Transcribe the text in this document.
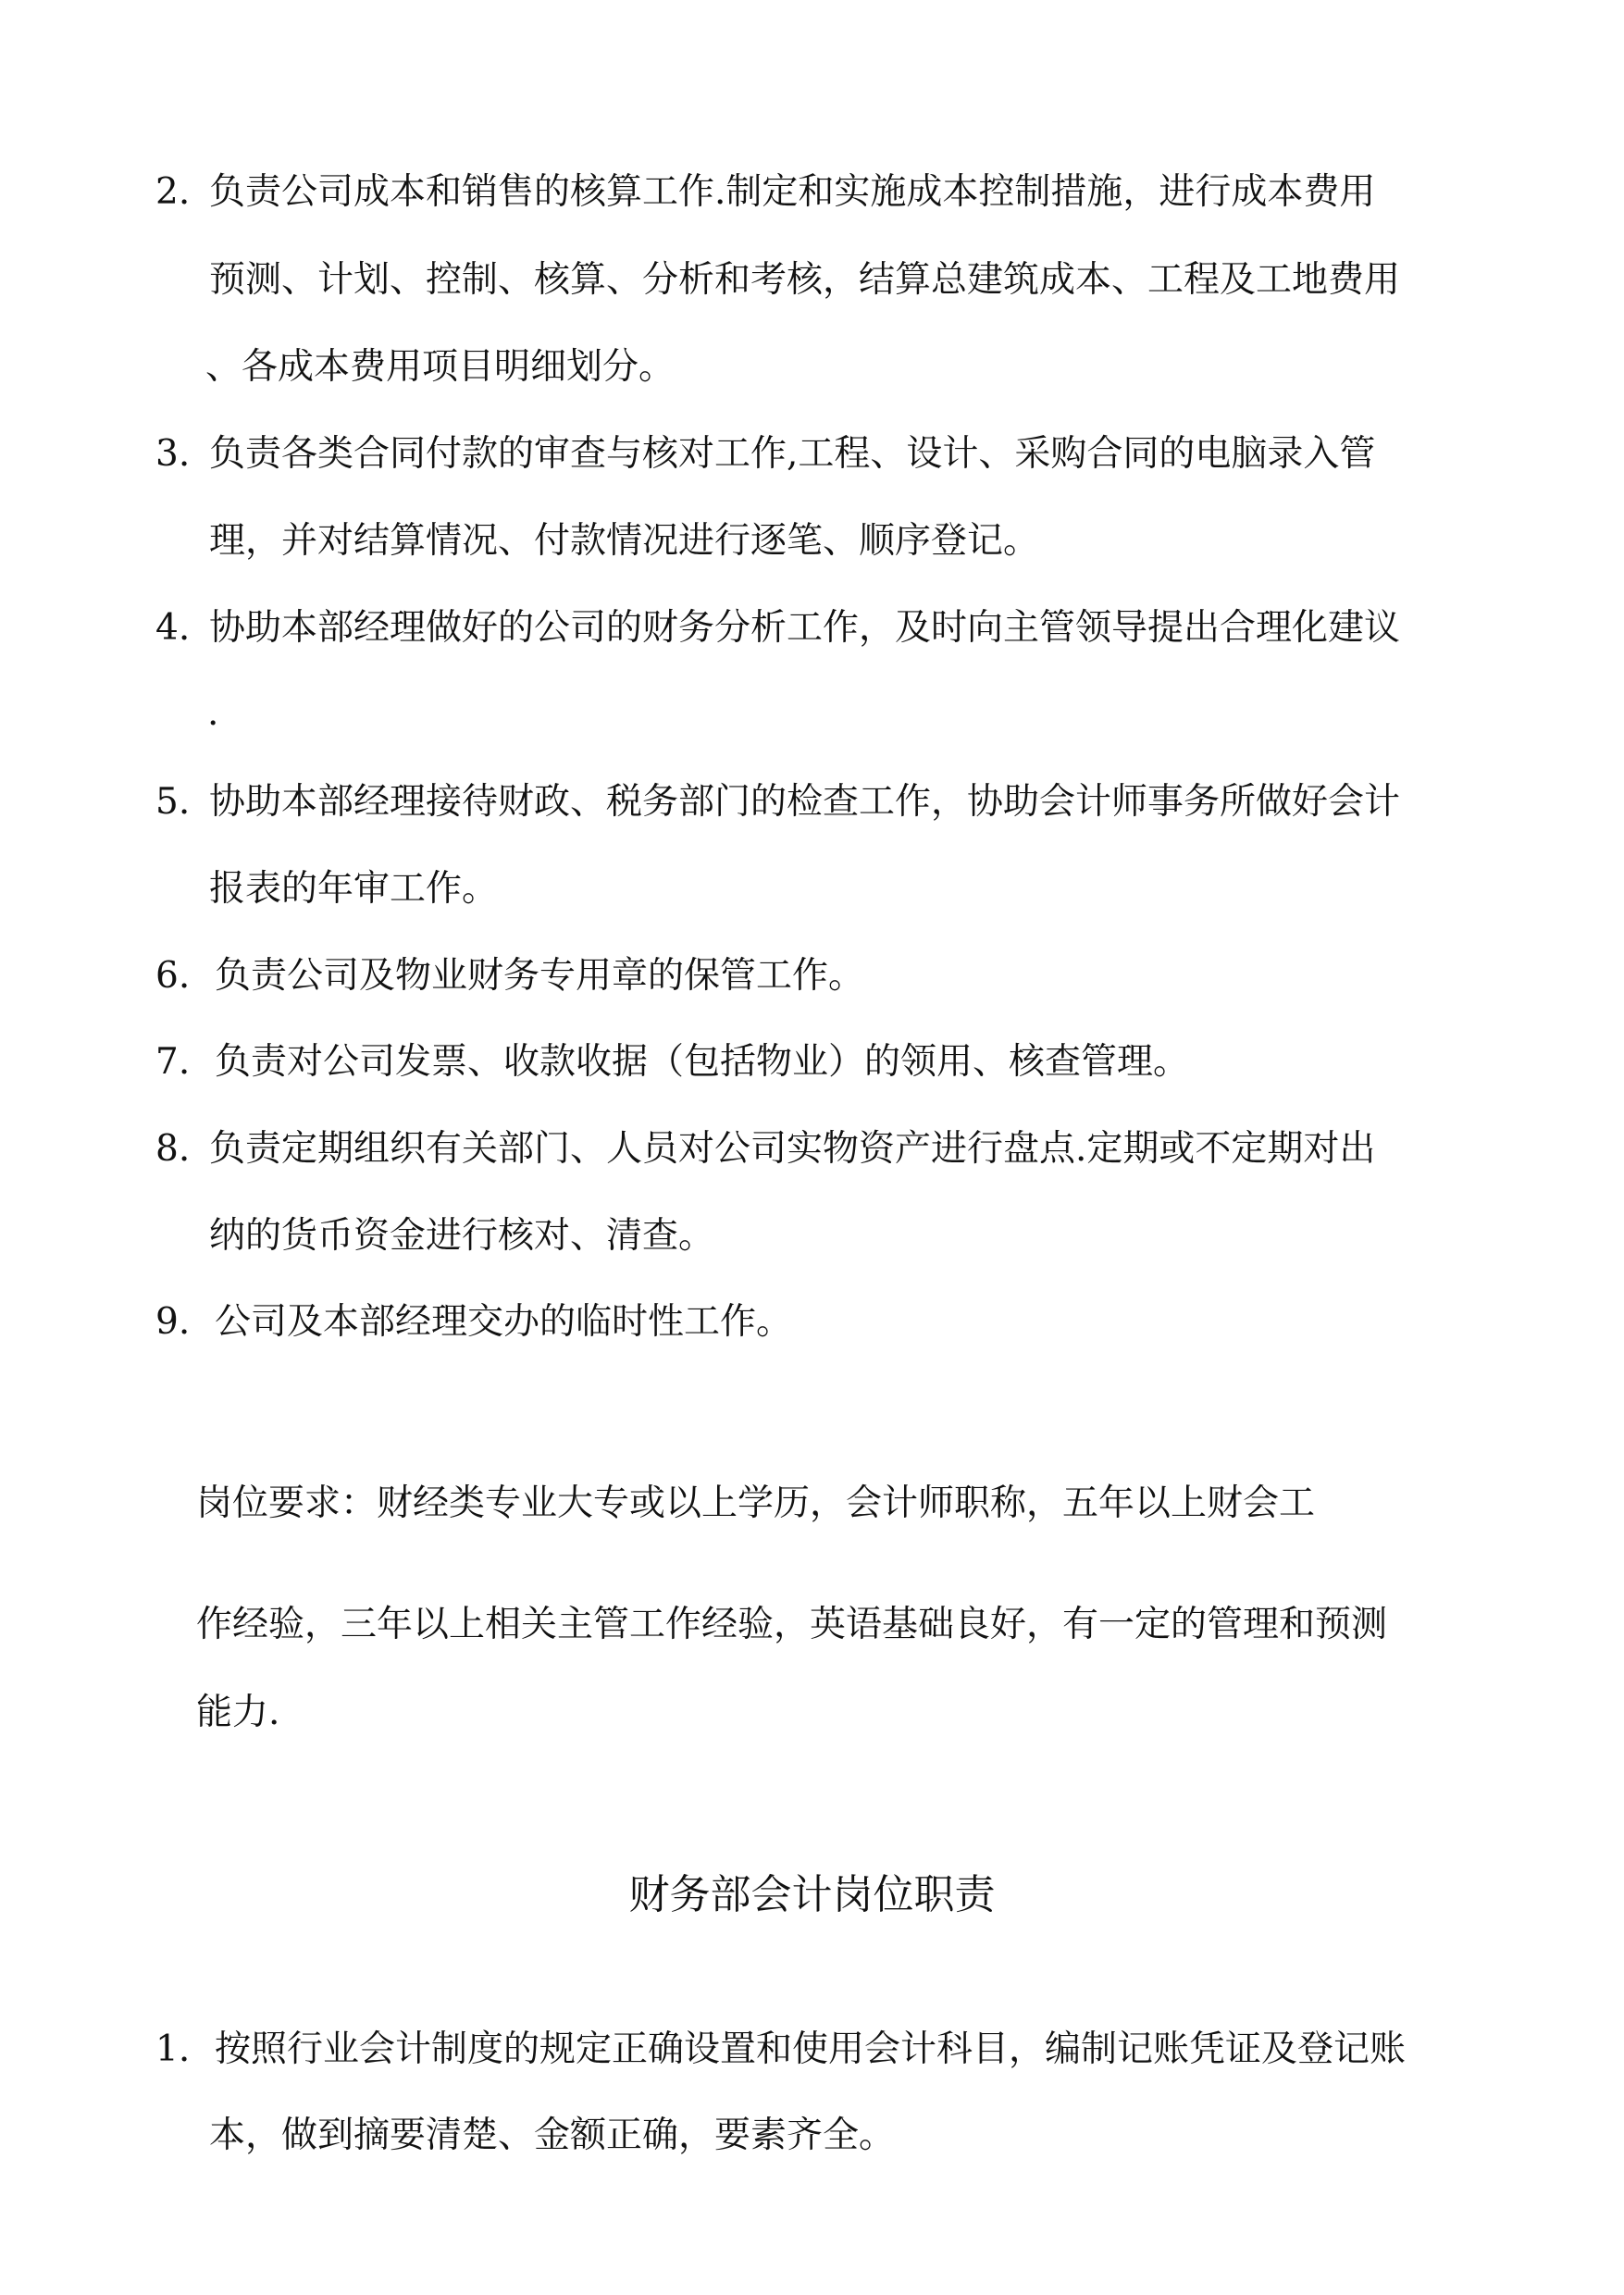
2. 负责公司成本和销售的核算工作.制定和实施成本控制措施，进行成本费用

预测、计划、控制、核算、分析和考核，结算总建筑成本、工程及工地费用

、各成本费用项目明细划分。

3. 负责各类合同付款的审查与核对工作,工程、设计、采购合同的电脑录入管

理，并对结算情况、付款情况进行逐笔、顺序登记。

4. 协助本部经理做好的公司的财务分析工作，及时向主管领导提出合理化建议

.

5. 协助本部经理接待财政、税务部门的检查工作，协助会计师事务所做好会计

报表的年审工作。

6. 负责公司及物业财务专用章的保管工作。

7. 负责对公司发票、收款收据（包括物业）的领用、核查管理。

8. 负责定期组织有关部门、人员对公司实物资产进行盘点.定期或不定期对出

纳的货币资金进行核对、清查。

9. 公司及本部经理交办的临时性工作。

岗位要求：财经类专业大专或以上学历，会计师职称，五年以上财会工

作经验，三年以上相关主管工作经验，英语基础良好，有一定的管理和预测

能力.

财务部会计岗位职责
1. 按照行业会计制度的规定正确设置和使用会计科目，编制记账凭证及登记账

本，做到摘要清楚、金额正确，要素齐全。
